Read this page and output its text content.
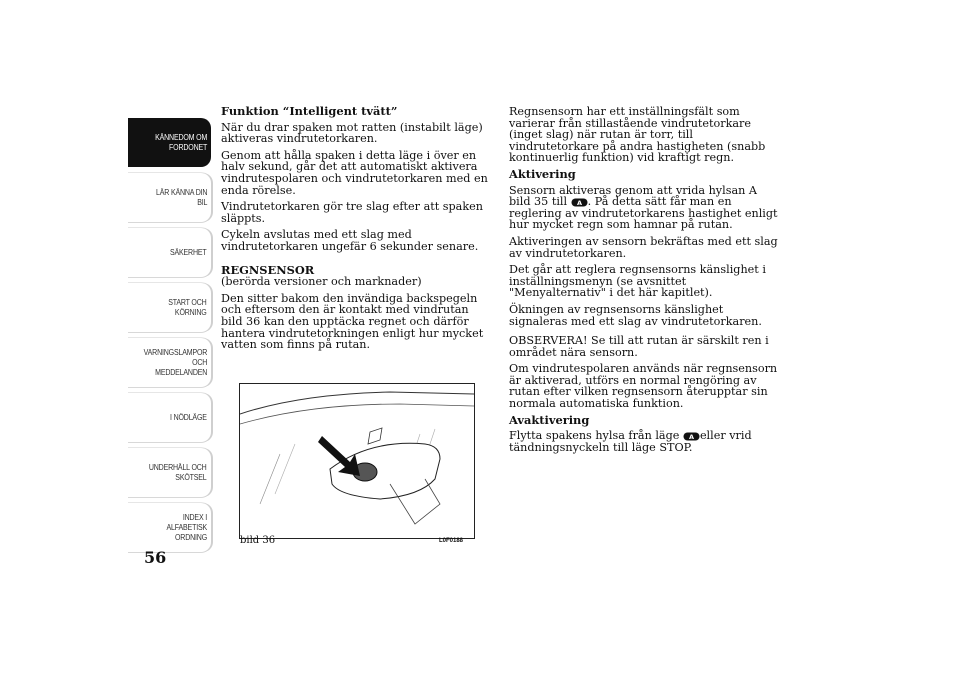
KÄNNEDOM OM
FORDONET
LÄR KÄNNA DIN
BIL
SÄKERHET
START OCH
KÖRNING
VARNINGSLAMPOR
OCH
MEDDELANDEN
I NÖDLÄGE
UNDERHÅLL OCH
SKÖTSEL
INDEX I
ALFABETISK
ORDNING
56
Funktion “Intelligent tvätt”

När du drar spaken mot ratten (instabilt läge) aktiveras vindrutetorkaren.

Genom att hålla spaken i detta läge i över en halv sekund, går det att automatiskt aktivera vindrutespolaren och vindrutetorkaren med en enda rörelse.

Vindrutetorkaren gör tre slag efter att spaken släppts.

Cykeln avslutas med ett slag med vindrutetorkaren ungefär 6 sekunder senare.

REGNSENSOR

(berörda versioner och marknader)

Den sitter bakom den invändiga backspegeln och eftersom den är kontakt med vindrutan bild 36 kan den upptäcka regnet och därför hantera vindrutetorkningen enligt hur mycket vatten som finns på rutan.

bild 36	L0F0188

Regnsensorn har ett inställningsfält som varierar från stillastående vindrutetorkare (inget slag) när rutan är torr, till vindrutetorkare på andra hastigheten (snabb kontinuerlig funktion) vid kraftigt regn.

Aktivering

Sensorn aktiveras genom att vrida hylsan A bild 35 till A . På detta sätt får man en reglering av vindrutetorkarens hastighet enligt hur mycket regn som hamnar på rutan.

Aktiveringen av sensorn bekräftas med ett slag av vindrutetorkaren.

Det går att reglera regnsensorns känslighet i inställningsmenyn (se avsnittet "Menyalternativ" i det här kapitlet).

Ökningen av regnsensorns känslighet signaleras med ett slag av vindrutetorkaren.

OBSERVERA! Se till att rutan är särskilt ren i området nära sensorn.

Om vindrutespolaren används när regnsensorn är aktiverad, utförs en normal rengöring av rutan efter vilken regnsensorn återupptar sin normala automatiska funktion.

Avaktivering

Flytta spakens hylsa från läge A eller vrid tändningsnyckeln till läge STOP.
